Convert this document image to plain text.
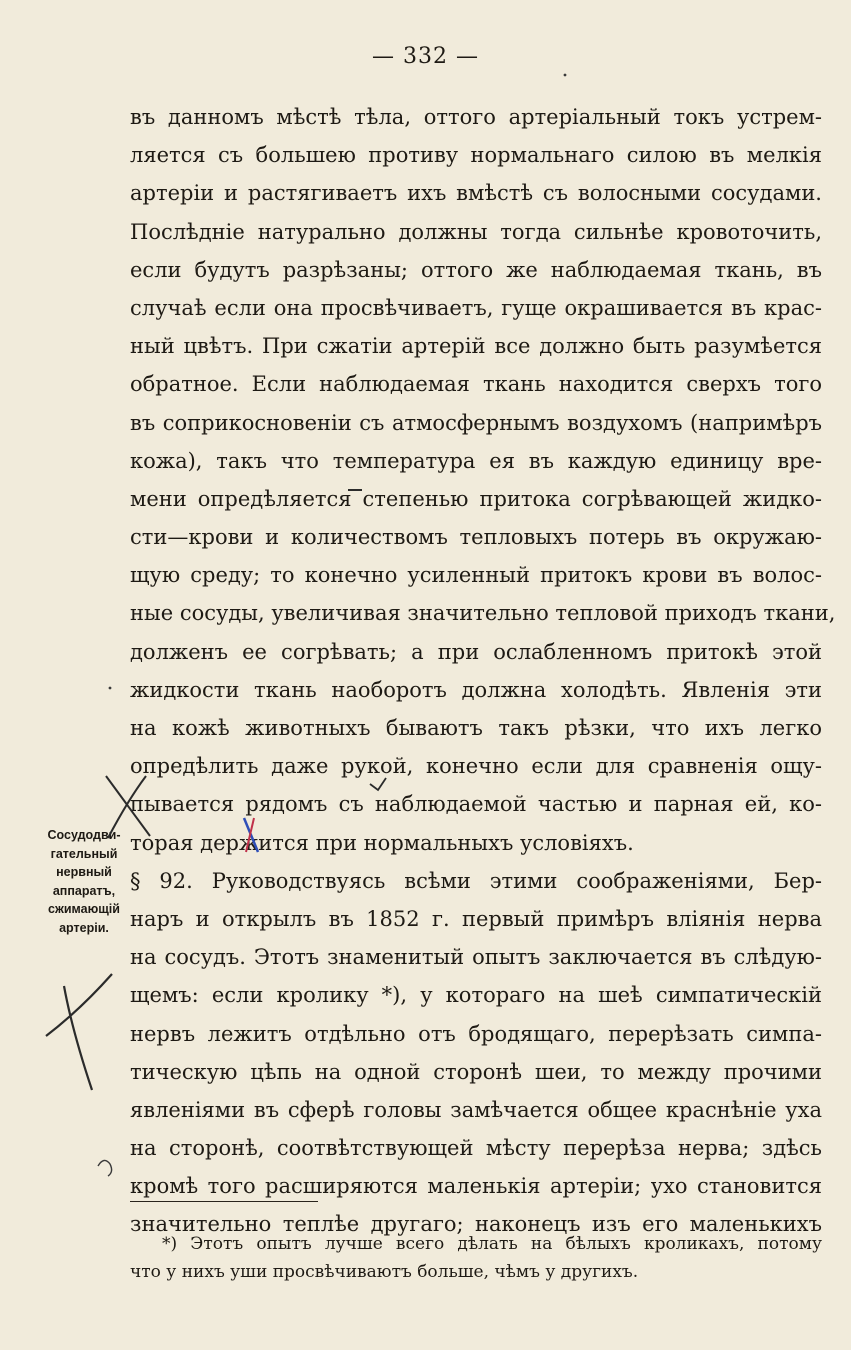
— 332 —
въ данномъ мѣстѣ тѣла, оттого артеріальный токъ устрем-
ляется съ большею противу нормальнаго силою въ мелкія
артеріи и растягиваетъ ихъ вмѣстѣ съ волосными сосудами.
Послѣдніе натурально должны тогда сильнѣе кровоточить,
если будутъ разрѣзаны; оттого же наблюдаемая ткань, въ
случаѣ если она просвѣчиваетъ, гуще окрашивается въ крас-
ный цвѣтъ. При сжатіи артерій все должно быть разумѣется
обратное. Если наблюдаемая ткань находится сверхъ того
въ соприкосновеніи съ атмосфернымъ воздухомъ (напримѣръ
кожа), такъ что температура ея въ каждую единицу вре-
мени опредѣляется степенью притока согрѣвающей жидко-
сти—крови и количествомъ тепловыхъ потерь въ окружаю-
щую среду; то конечно усиленный притокъ крови въ волос-
ные сосуды, увеличивая значительно тепловой приходъ ткани,
долженъ ее согрѣвать; а при ослабленномъ притокѣ этой
жидкости ткань наоборотъ должна холодѣть. Явленія эти
на кожѣ животныхъ бываютъ такъ рѣзки, что ихъ легко
опредѣлить даже рукой, конечно если для сравненія ощу-
пывается рядомъ съ наблюдаемой частью и парная ей, ко-
торая держится при нормальныхъ условіяхъ.
§ 92. Руководствуясь всѣми этими соображеніями, Бер-
наръ и открылъ въ 1852 г. первый примѣръ вліянія нерва
на сосудъ. Этотъ знаменитый опытъ заключается въ слѣдую-
щемъ: если кролику *), у котораго на шеѣ симпатическій
нервъ лежитъ отдѣльно отъ бродящаго, перерѣзать симпа-
тическую цѣпь на одной сторонѣ шеи, то между прочими
явленіями въ сферѣ головы замѣчается общее краснѣніе уха
на сторонѣ, соотвѣтствующей мѣсту перерѣза нерва; здѣсь
кромѣ того расширяются маленькія артеріи; ухо становится
значительно теплѣе другаго; наконецъ изъ его маленькихъ
Сосудодви-
гательный
нервный
аппаратъ,
сжимающій
артеріи.
*) Этотъ опытъ лучше всего дѣлать на бѣлыхъ кроликахъ, потому
что у нихъ уши просвѣчиваютъ больше, чѣмъ у другихъ.
